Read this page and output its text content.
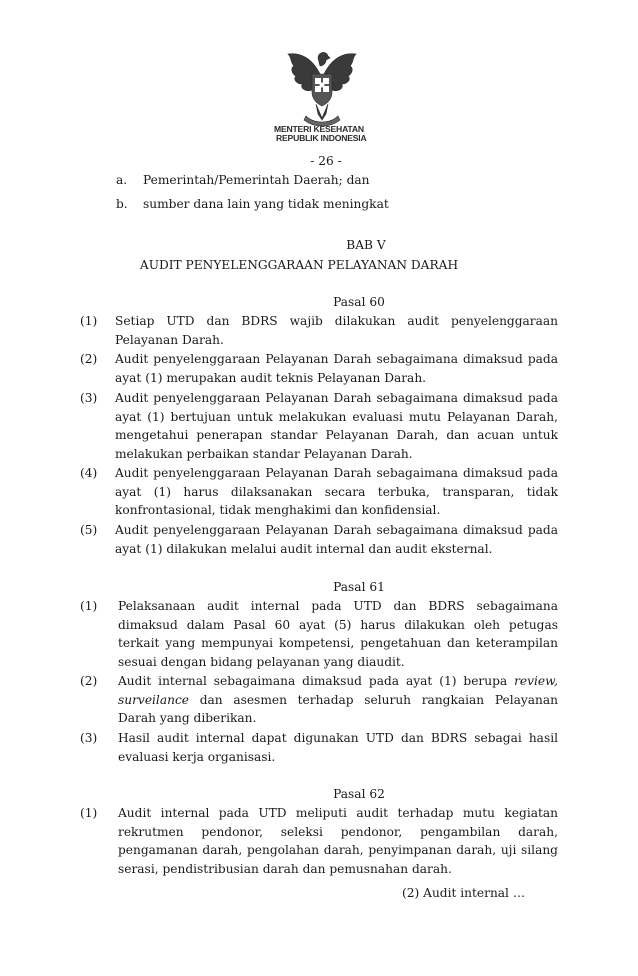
MENTERI KESEHATAN
REPUBLIK INDONESIA
- 26 -
a. Pemerintah/Pemerintah Daerah; dan
b. sumber dana lain yang tidak meningkat
BAB V
AUDIT PENYELENGGARAAN PELAYANAN DARAH
Pasal 60
(1) Setiap UTD dan BDRS wajib dilakukan audit penyelenggaraan
Pelayanan Darah.
(2) Audit penyelenggaraan Pelayanan Darah sebagaimana dimaksud pada
ayat (1) merupakan audit teknis Pelayanan Darah.
(3) Audit penyelenggaraan Pelayanan Darah sebagaimana dimaksud pada
ayat (1) bertujuan untuk melakukan evaluasi mutu Pelayanan Darah,
mengetahui penerapan standar Pelayanan Darah, dan acuan untuk
melakukan perbaikan standar Pelayanan Darah.
(4) Audit penyelenggaraan Pelayanan Darah sebagaimana dimaksud pada
ayat (1) harus dilaksanakan secara terbuka, transparan, tidak
konfrontasional, tidak menghakimi dan konfidensial.
(5) Audit penyelenggaraan Pelayanan Darah sebagaimana dimaksud pada
ayat (1) dilakukan melalui audit internal dan audit eksternal.
Pasal 61
(1) Pelaksanaan audit internal pada UTD dan BDRS sebagaimana
dimaksud dalam Pasal 60 ayat (5) harus dilakukan oleh petugas
terkait yang mempunyai kompetensi, pengetahuan dan keterampilan
sesuai dengan bidang pelayanan yang diaudit.
(2) Audit internal sebagaimana dimaksud pada ayat (1) berupa review,
surveilance dan asesmen terhadap seluruh rangkaian Pelayanan
Darah yang diberikan.
(3) Hasil audit internal dapat digunakan UTD dan BDRS sebagai hasil
evaluasi kerja organisasi.
Pasal 62
(1) Audit internal pada UTD meliputi audit terhadap mutu kegiatan
rekrutmen pendonor, seleksi pendonor, pengambilan darah,
pengamanan darah, pengolahan darah, penyimpanan darah, uji silang
serasi, pendistribusian darah dan pemusnahan darah.
(2) Audit internal …
